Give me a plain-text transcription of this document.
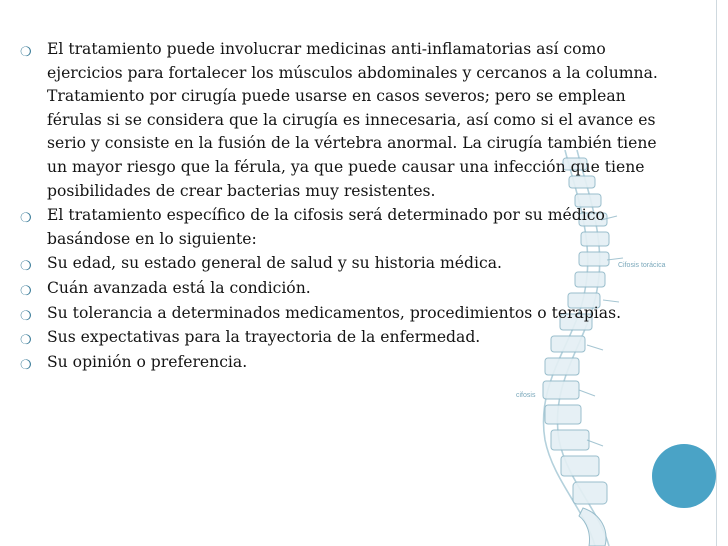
Cifosis torácica
cifosis
❍ El tratamiento puede involucrar medicinas anti-inflamatorias así como ejercicios para fortalecer los músculos abdominales y cercanos a la columna. Tratamiento por cirugía puede usarse en casos severos; pero se emplean férulas si se considera que la cirugía es innecesaria, así como si el avance es serio y consiste en la fusión de la vértebra anormal. La cirugía también tiene un mayor riesgo que la férula, ya que puede causar una infección que tiene posibilidades de crear bacterias muy resistentes.
❍ El tratamiento específico de la cifosis será determinado por su médico basándose en lo siguiente:
❍ Su edad, su estado general de salud y su historia médica.
❍ Cuán avanzada está la condición.
❍ Su tolerancia a determinados medicamentos, procedimientos o terapias.
❍ Sus expectativas para la trayectoria de la enfermedad.
❍ Su opinión o preferencia.
